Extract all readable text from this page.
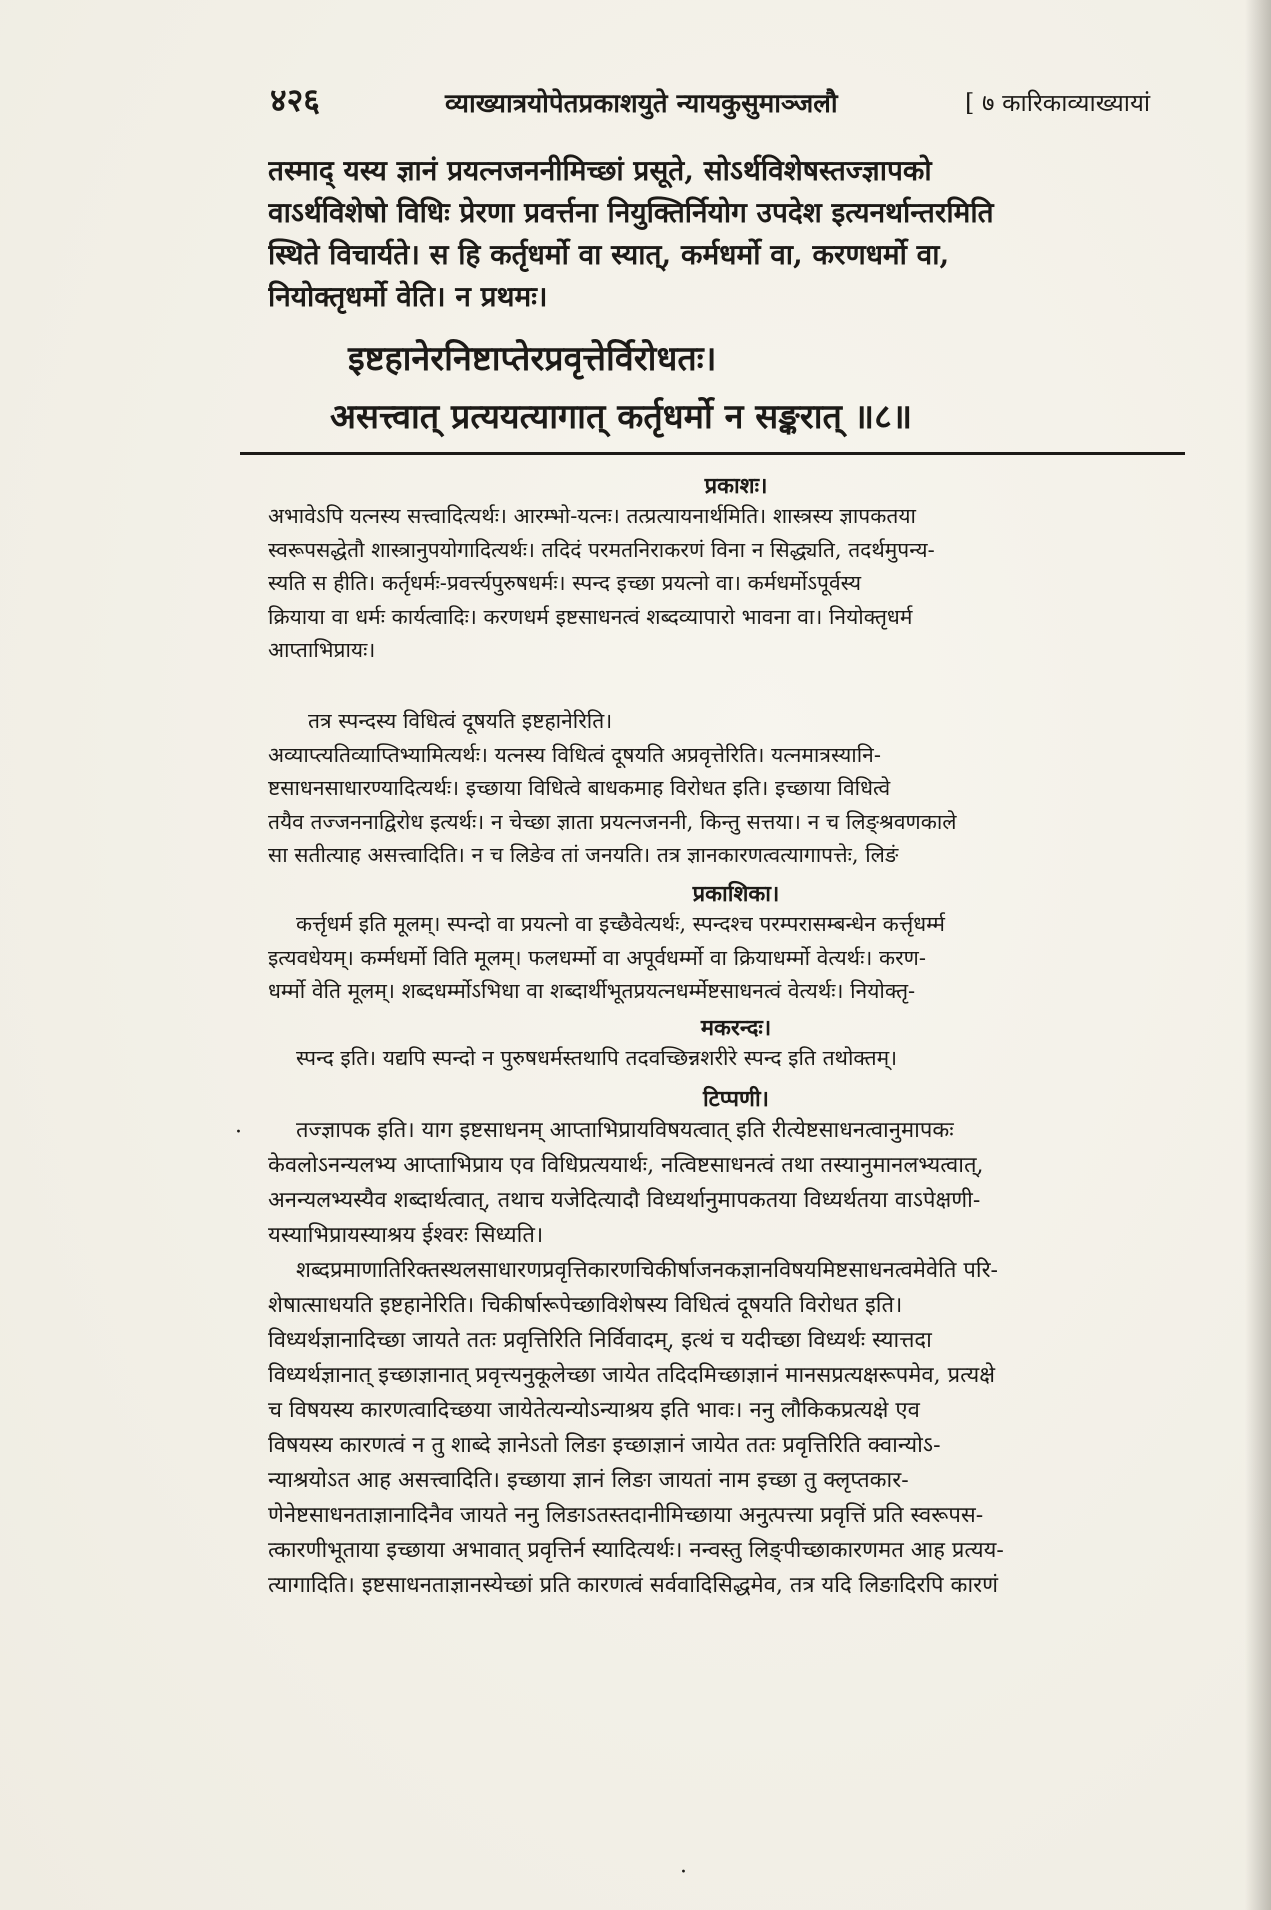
४२६	व्याख्यात्रयोपेतप्रकाशयुते न्यायकुसुमाञ्जलौ	[ ७ कारिकाव्याख्यायां
तस्माद् यस्य ज्ञानं प्रयत्नजननीमिच्छां प्रसूते, सोऽर्थविशेषस्तज्ज्ञापको
वाऽर्थविशेषो विधिः प्रेरणा प्रवर्त्तना नियुक्तिर्नियोग उपदेश इत्यनर्थान्तरमिति
स्थिते विचार्यते। स हि कर्तृधर्मो वा स्यात्, कर्मधर्मो वा, करणधर्मो वा,
नियोक्तृधर्मो वेति। न प्रथमः।
इष्टहानेरनिष्टाप्तेरप्रवृत्तेर्विरोधतः।
असत्त्वात् प्रत्ययत्यागात् कर्तृधर्मो न सङ्करात् ॥८॥
प्रकाशः।
अभावेऽपि यत्नस्य सत्त्वादित्यर्थः। आरम्भो-यत्नः। तत्प्रत्यायनार्थमिति। शास्त्रस्य ज्ञापकतया
स्वरूपसद्धेतौ शास्त्रानुपयोगादित्यर्थः। तदिदं परमतनिराकरणं विना न सिद्ध्यति, तदर्थमुपन्य-
स्यति स हीति। कर्तृधर्मः-प्रवर्त्त्यपुरुषधर्मः। स्पन्द इच्छा प्रयत्नो वा। कर्मधर्मोऽपूर्वस्य
क्रियाया वा धर्मः कार्यत्वादिः। करणधर्म इष्टसाधनत्वं शब्दव्यापारो भावना वा। नियोक्तृधर्म
आप्ताभिप्रायः।
तत्र स्पन्दस्य विधित्वं दूषयति इष्टहानेरिति।
अव्याप्त्यतिव्याप्तिभ्यामित्यर्थः। यत्नस्य विधित्वं दूषयति अप्रवृत्तेरिति। यत्नमात्रस्यानि-
ष्टसाधनसाधारण्यादित्यर्थः। इच्छाया विधित्वे बाधकमाह विरोधत इति। इच्छाया विधित्वे
तयैव तज्जननाद्विरोध इत्यर्थः। न चेच्छा ज्ञाता प्रयत्नजननी, किन्तु सत्तया। न च लिङ्श्रवणकाले
सा सतीत्याह असत्त्वादिति। न च लिङेव तां जनयति। तत्र ज्ञानकारणत्वत्यागापत्तेः, लिङं
प्रकाशिका।
कर्त्तृधर्म इति मूलम्। स्पन्दो वा प्रयत्नो वा इच्छैवेत्यर्थः, स्पन्दश्च परम्परासम्बन्धेन कर्त्तृधर्म्म
इत्यवधेयम्। कर्म्मधर्मो विति मूलम्। फलधर्म्मो वा अपूर्वधर्म्मो वा क्रियाधर्म्मो वेत्यर्थः। करण-
धर्म्मो वेति मूलम्। शब्दधर्म्मोऽभिधा वा शब्दार्थीभूतप्रयत्नधर्म्मेष्टसाधनत्वं वेत्यर्थः। नियोक्तृ-
मकरन्दः।
स्पन्द इति। यद्यपि स्पन्दो न पुरुषधर्मस्तथापि तदवच्छिन्नशरीरे स्पन्द इति तथोक्तम्।
टिप्पणी।
तज्ज्ञापक इति। याग इष्टसाधनम् आप्ताभिप्रायविषयत्वात् इति रीत्येष्टसाधनत्वानुमापकः
केवलोऽनन्यलभ्य आप्ताभिप्राय एव विधिप्रत्ययार्थः, नत्विष्टसाधनत्वं तथा तस्यानुमानलभ्यत्वात्,
अनन्यलभ्यस्यैव शब्दार्थत्वात्, तथाच यजेदित्यादौ विध्यर्थानुमापकतया विध्यर्थतया वाऽपेक्षणी-
यस्याभिप्रायस्याश्रय ईश्वरः सिध्यति।
शब्दप्रमाणातिरिक्तस्थलसाधारणप्रवृत्तिकारणचिकीर्षाजनकज्ञानविषयमिष्टसाधनत्वमेवेति परि-
शेषात्साधयति इष्टहानेरिति। चिकीर्षारूपेच्छाविशेषस्य विधित्वं दूषयति विरोधत इति।
विध्यर्थज्ञानादिच्छा जायते ततः प्रवृत्तिरिति निर्विवादम्, इत्थं च यदीच्छा विध्यर्थः स्यात्तदा
विध्यर्थज्ञानात् इच्छाज्ञानात् प्रवृत्त्यनुकूलेच्छा जायेत तदिदमिच्छाज्ञानं मानसप्रत्यक्षरूपमेव, प्रत्यक्षे
च विषयस्य कारणत्वादिच्छया जायेतेत्यन्योऽन्याश्रय इति भावः। ननु लौकिकप्रत्यक्षे एव
विषयस्य कारणत्वं न तु शाब्दे ज्ञानेऽतो लिङा इच्छाज्ञानं जायेत ततः प्रवृत्तिरिति क्वान्योऽ-
न्याश्रयोऽत आह असत्त्वादिति। इच्छाया ज्ञानं लिङा जायतां नाम इच्छा तु क्लृप्तकार-
णेनेष्टसाधनताज्ञानादिनैव जायते ननु लिङाऽतस्तदानीमिच्छाया अनुत्पत्त्या प्रवृत्तिं प्रति स्वरूपस-
त्कारणीभूताया इच्छाया अभावात् प्रवृत्तिर्न स्यादित्यर्थः। नन्वस्तु लिङ्पीच्छाकारणमत आह प्रत्यय-
त्यागादिति। इष्टसाधनताज्ञानस्येच्छां प्रति कारणत्वं सर्ववादिसिद्धमेव, तत्र यदि लिङादिरपि कारणं
·
·
